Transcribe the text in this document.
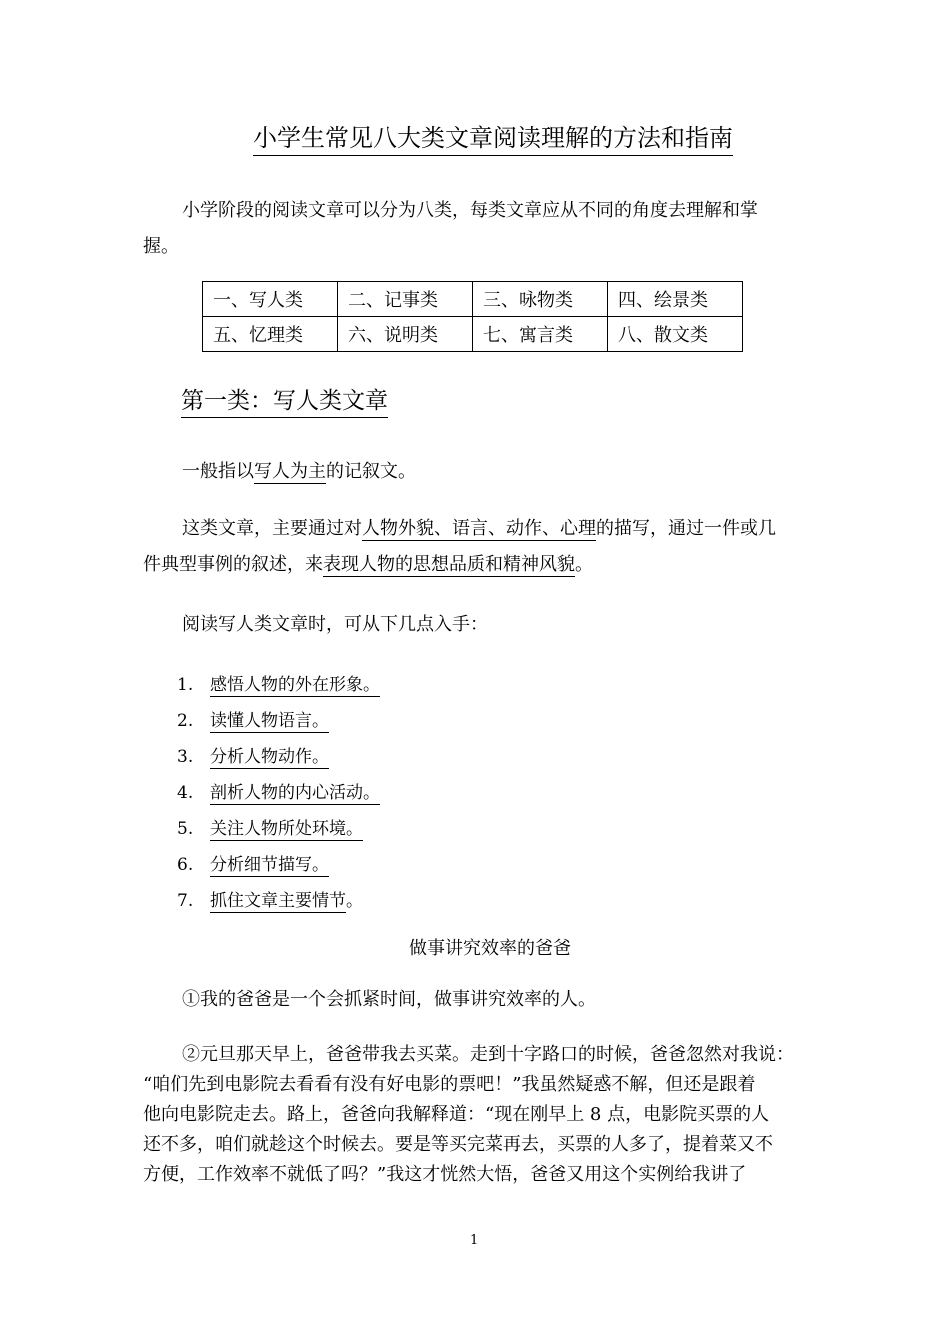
小学生常见八大类文章阅读理解的方法和指南
小学阶段的阅读文章可以分为八类，每类文章应从不同的角度去理解和掌
握。
一、写人类	二、记事类	三、咏物类	四、绘景类
五、忆理类	六、说明类	七、寓言类	八、散文类
第一类：写人类文章
一般指以写人为主的记叙文。
这类文章，主要通过对人物外貌、语言、动作、心理的描写，通过一件或几
件典型事例的叙述，来表现人物的思想品质和精神风貌。
阅读写人类文章时，可从下几点入手：
1. 感悟人物的外在形象。
2. 读懂人物语言。
3. 分析人物动作。
4. 剖析人物的内心活动。
5. 关注人物所处环境。
6. 分析细节描写。
7. 抓住文章主要情节。
做事讲究效率的爸爸
①我的爸爸是一个会抓紧时间，做事讲究效率的人。
②元旦那天早上，爸爸带我去买菜。走到十字路口的时候，爸爸忽然对我说：
“咱们先到电影院去看看有没有好电影的票吧！”我虽然疑惑不解，但还是跟着
他向电影院走去。路上，爸爸向我解释道：“现在刚早上 8 点，电影院买票的人
还不多，咱们就趁这个时候去。要是等买完菜再去，买票的人多了，提着菜又不
方便，工作效率不就低了吗？”我这才恍然大悟，爸爸又用这个实例给我讲了
1
